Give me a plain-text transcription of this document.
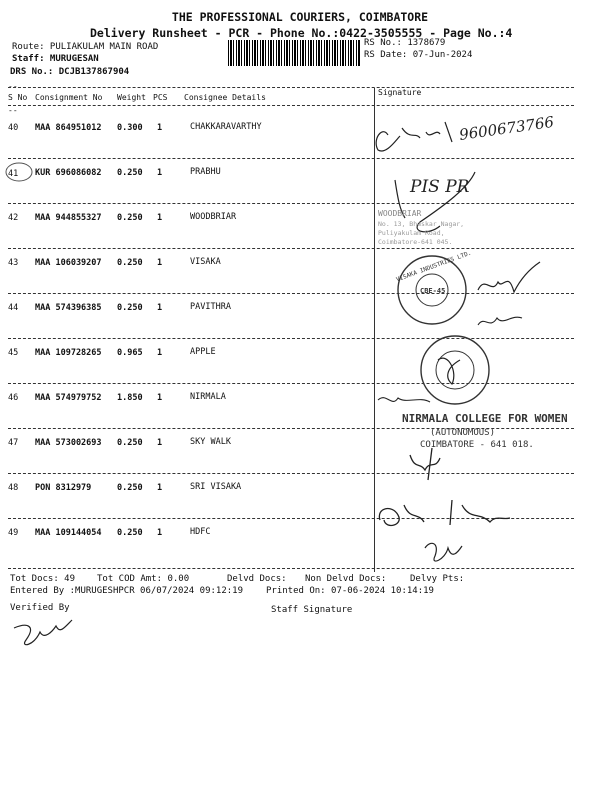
THE PROFESSIONAL COURIERS, COIMBATORE
Delivery Runsheet - PCR - Phone No.:0422-3505555 - Page No.:4
Route: PULIAKULAM MAIN ROAD
Staff: MURUGESAN
DRS No.: DCJB137867904
RS No.: 1378679
RS Date: 07-Jun-2024
--
S No Consignment No Weight PCS Consignee Details
Signature
--
40 MAA 864951012 0.300 1	CHAKKARAVARTHY
41 KUR 696086082 0.250 1	PRABHU
42 MAA 944855327 0.250 1	WOODBRIAR
43 MAA 106039207 0.250 1	VISAKA
44 MAA 574396385 0.250 1	PAVITHRA
45 MAA 109728265 0.965 1	APPLE
46 MAA 574979752 1.850 1	NIRMALA
47 MAA 573002693 0.250 1	SKY WALK
48 PON 8312979	0.250 1	SRI VISAKA
49 MAA 109144054 0.250 1	HDFC
9600673766
PIS PR
WOODBRIAR
No. 13, Bhaskar Nagar,
Puliyakulam Road,
Coimbatore-641 045.
CBE-45
VISAKA INDUSTRIES LTD.
NIRMALA COLLEGE FOR WOMEN
(AUTONOMOUS)
COIMBATORE - 641 018.
Tot Docs: 49 Tot COD Amt: 0.00	Delvd Docs: Non Delvd Docs:	Delvy Pts:
Entered By :MURUGESHPCR 06/07/2024 09:12:19	Printed On: 07-06-2024 10:14:19
Verified By	Staff Signature
